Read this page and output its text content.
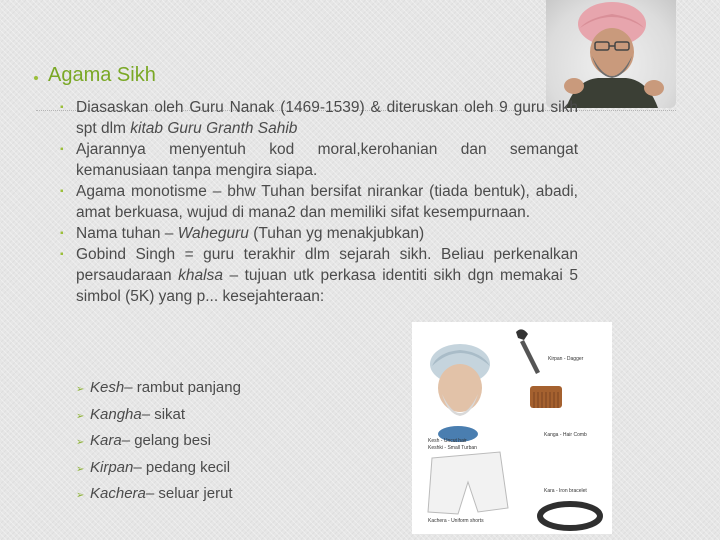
Agama Sikh
▪ Diasaskan oleh Guru Nanak (1469-1539) & diteruskan oleh 9 guru sikh spt dlm kitab Guru Granth Sahib
▪ Ajarannya menyentuh kod moral,kerohanian dan semangat kemanusiaan tanpa mengira siapa.
▪ Agama monotisme – bhw Tuhan bersifat nirankar (tiada bentuk), abadi, amat berkuasa, wujud di mana2 dan memiliki sifat kesempurnaan.
▪ Nama tuhan – Waheguru (Tuhan yg menakjubkan)
▪ Gobind Singh = guru terakhir dlm sejarah sikh. Beliau perkenalkan persaudaraan khalsa – tujuan utk perkasa identiti sikh dgn memakai 5 simbol (5K) yang p... kesejahteraan:
Kirpan - Dagger
Kesh - Uncut hair
Keshki - Small Turban
Kanga - Hair Comb
Kara - Iron bracelet
Kachera - Uniform shorts
➢ Kesh – rambut panjang
➢ Kangha – sikat
➢ Kara – gelang besi
➢ Kirpan – pedang kecil
➢ Kachera – seluar jerut
